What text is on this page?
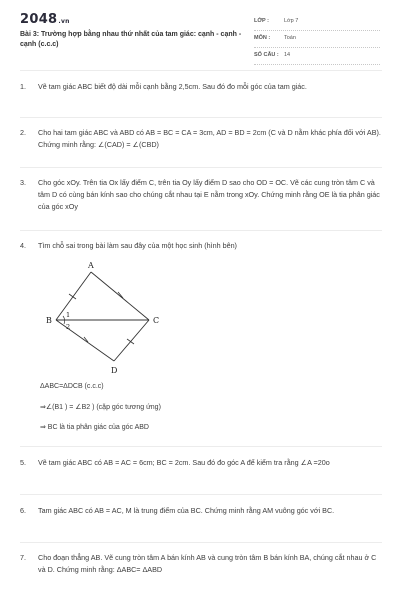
2048.vn
Bài 3: Trường hợp bằng nhau thứ nhất của tam giác: cạnh - cạnh - cạnh (c.c.c)
LỚP :	Lớp 7
MÔN :	Toán
SỐ CÂU : 14
1.	Vẽ tam giác ABC biết độ dài mỗi cạnh bằng 2,5cm. Sau đó đo mỗi góc của tam giác.
2.	Cho hai tam giác ABC và ABD có AB = BC = CA = 3cm, AD = BD = 2cm (C và D nằm khác phía đối với AB). Chứng minh rằng: ∠(CAD) = ∠(CBD)
3.	Cho góc xOy. Trên tia Ox lấy điểm C, trên tia Oy lấy điểm D sao cho OD = OC. Vẽ các cung tròn tâm C và tâm D có cùng bán kính sao cho chúng cắt nhau tại E nằm trong xOy. Chứng minh rằng OE là tia phân giác của góc xOy
4.	Tìm chỗ sai trong bài làm sau đây của một học sinh (hình bên)
A
B	C
D
1
2
ΔABC=ΔDCB (c.c.c)
⇒∠(B1 ) = ∠B2 ) (cặp góc tương ứng)
⇒ BC là tia phân giác của góc ABD
5.	Vẽ tam giác ABC có AB = AC = 6cm; BC = 2cm. Sau đó đo góc A để kiểm tra rằng ∠A =20o
6.	Tam giác ABC có AB = AC, M là trung điểm của BC. Chứng minh rằng AM vuông góc với BC.
7.	Cho đoạn thẳng AB. Vẽ cung tròn tâm A bán kính AB và cung tròn tâm B bán kính BA, chúng cắt nhau ở C và D. Chứng minh rằng: ΔABC= ΔABD
